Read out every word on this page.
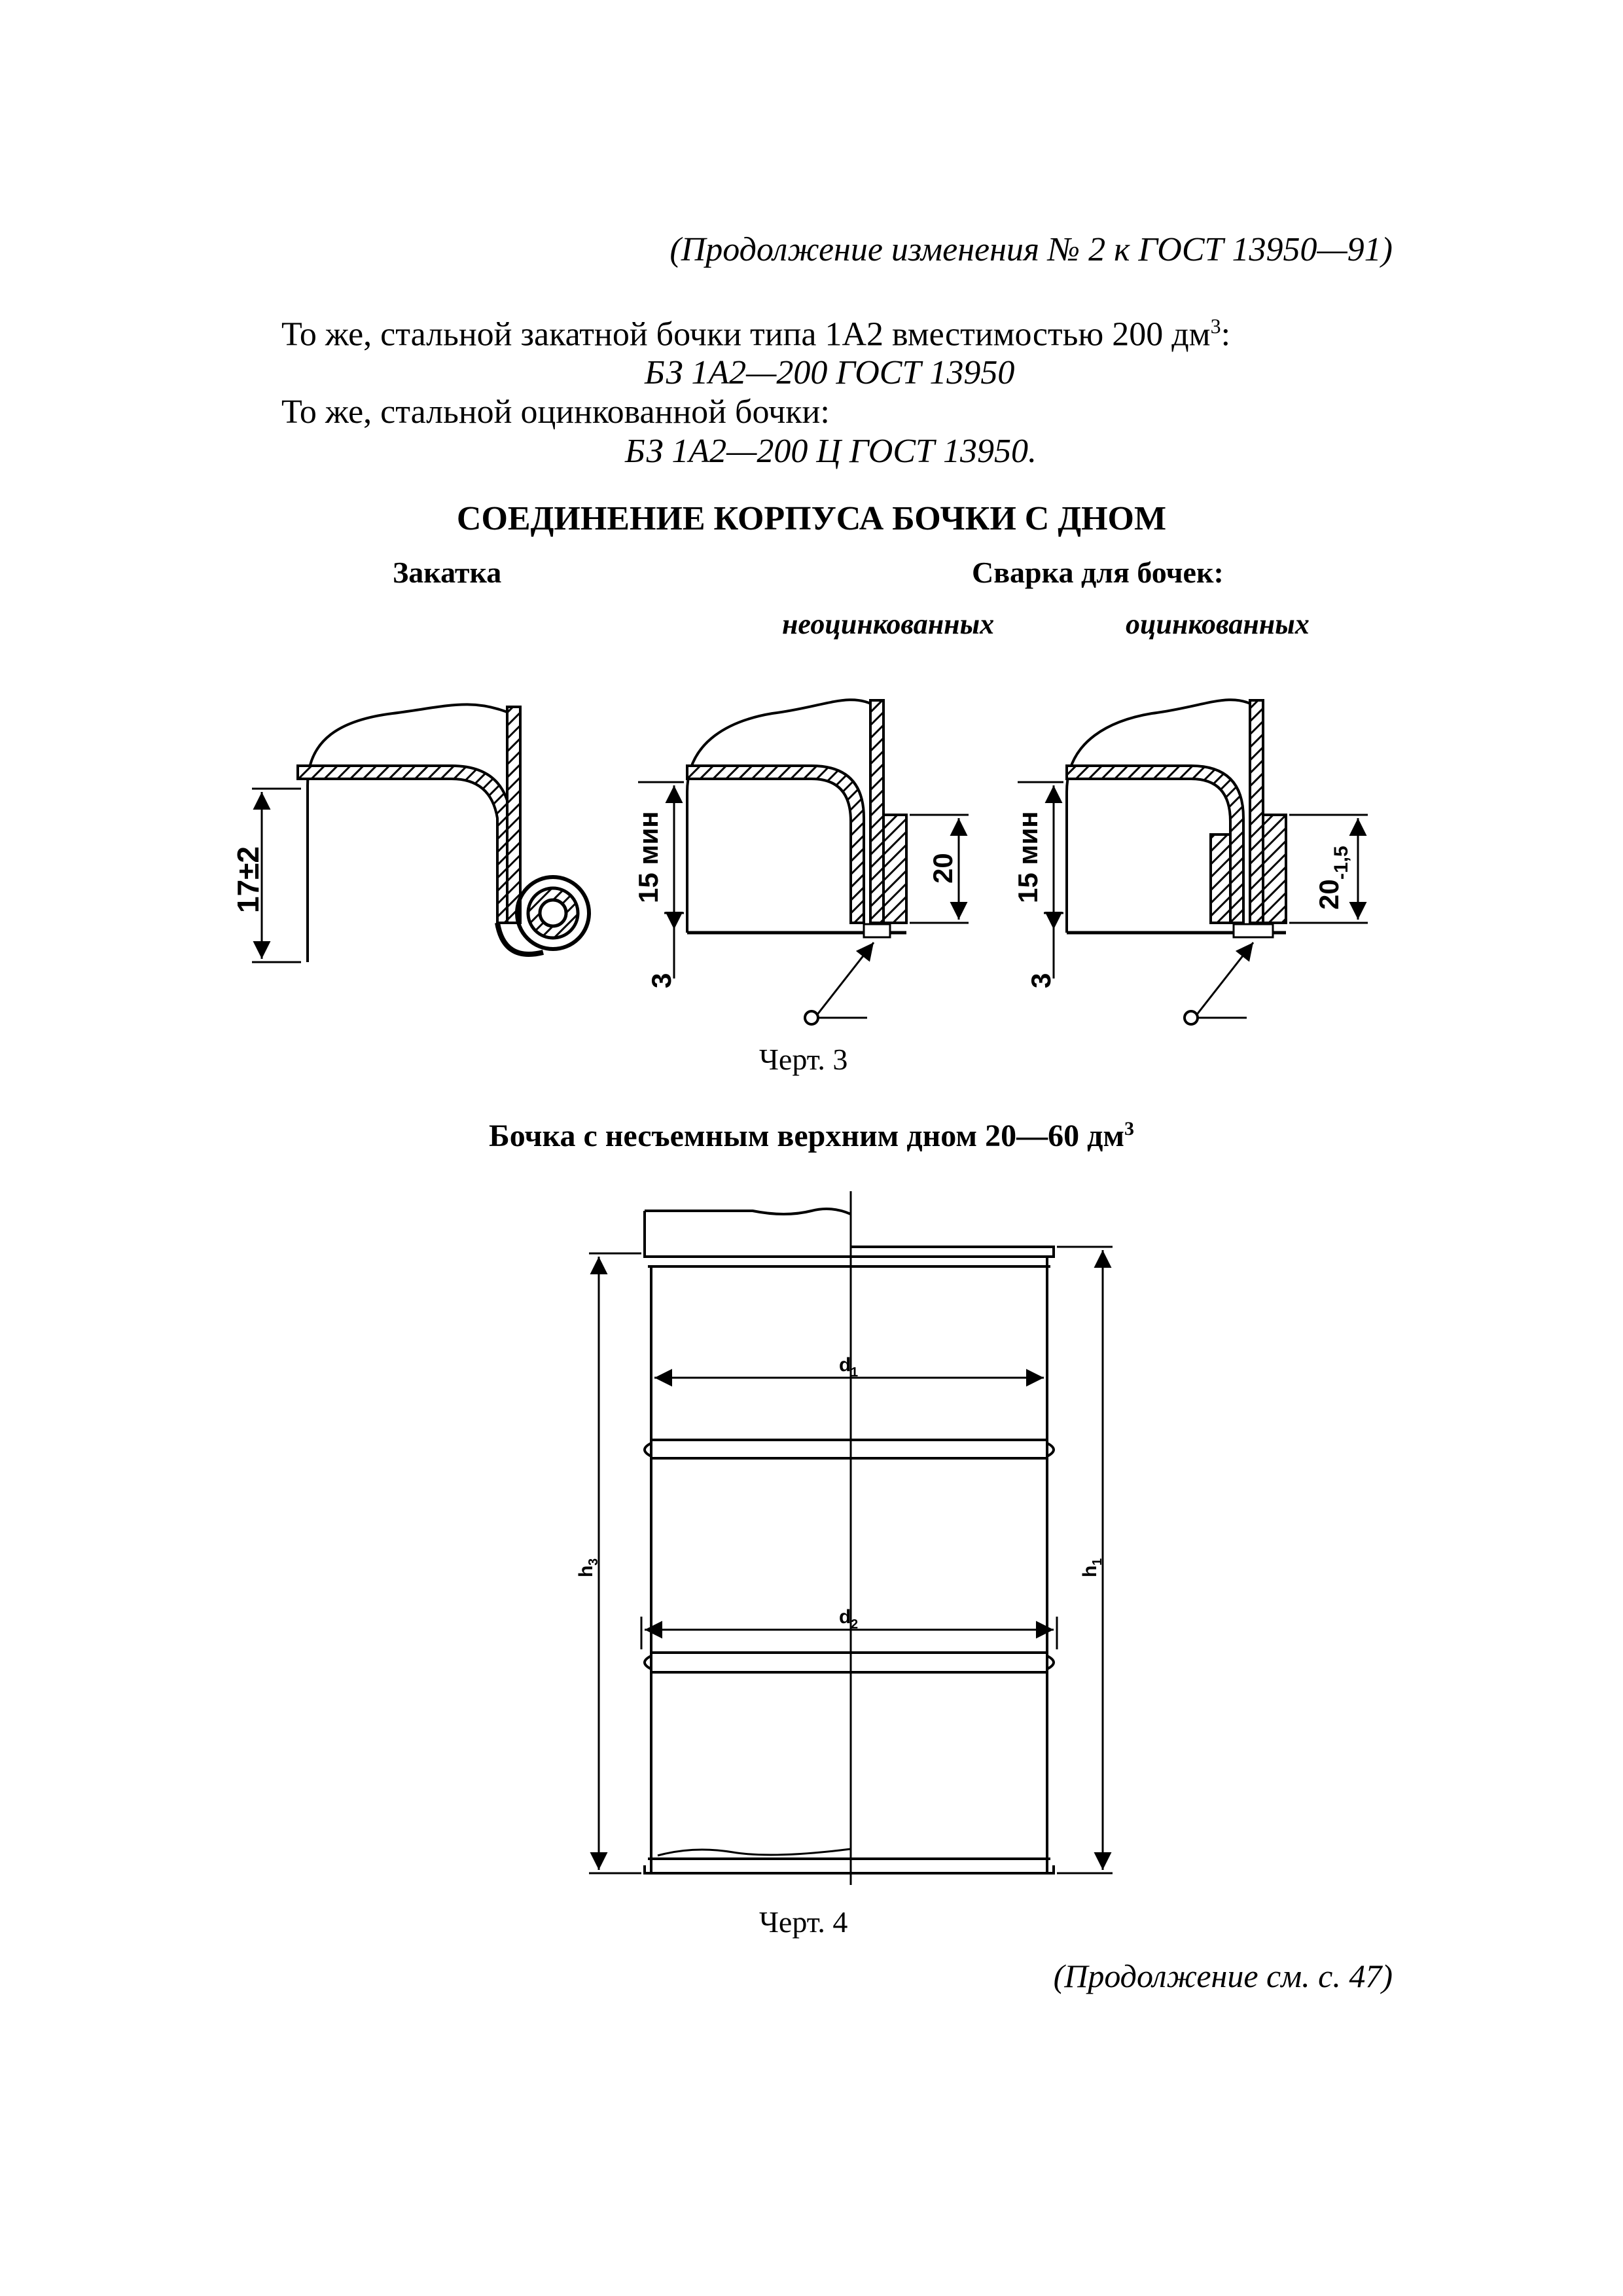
(Продолжение изменения № 2 к ГОСТ 13950—91)
То же, стальной закатной бочки типа 1А2 вместимостью 200 $дм^3$:
БЗ 1А2—200 ГОСТ 13950
То же, стальной оцинкованной бочки:
БЗ 1А2—200 Ц ГОСТ 13950.
СОЕДИНЕНИЕ КОРПУСА БОЧКИ С ДНОМ
Закатка	Сварка для бочек:
неоцинкованных	оцинкованных
17±2	15 мин
3
20 15 мин
3
20
-1,5
Черт. 3
Бочка с несъемным верхним дном 20—60 $дм^3$
d 1
d 2
h
3
h
1
Черт. 4
(Продолжение см. с. 47)
